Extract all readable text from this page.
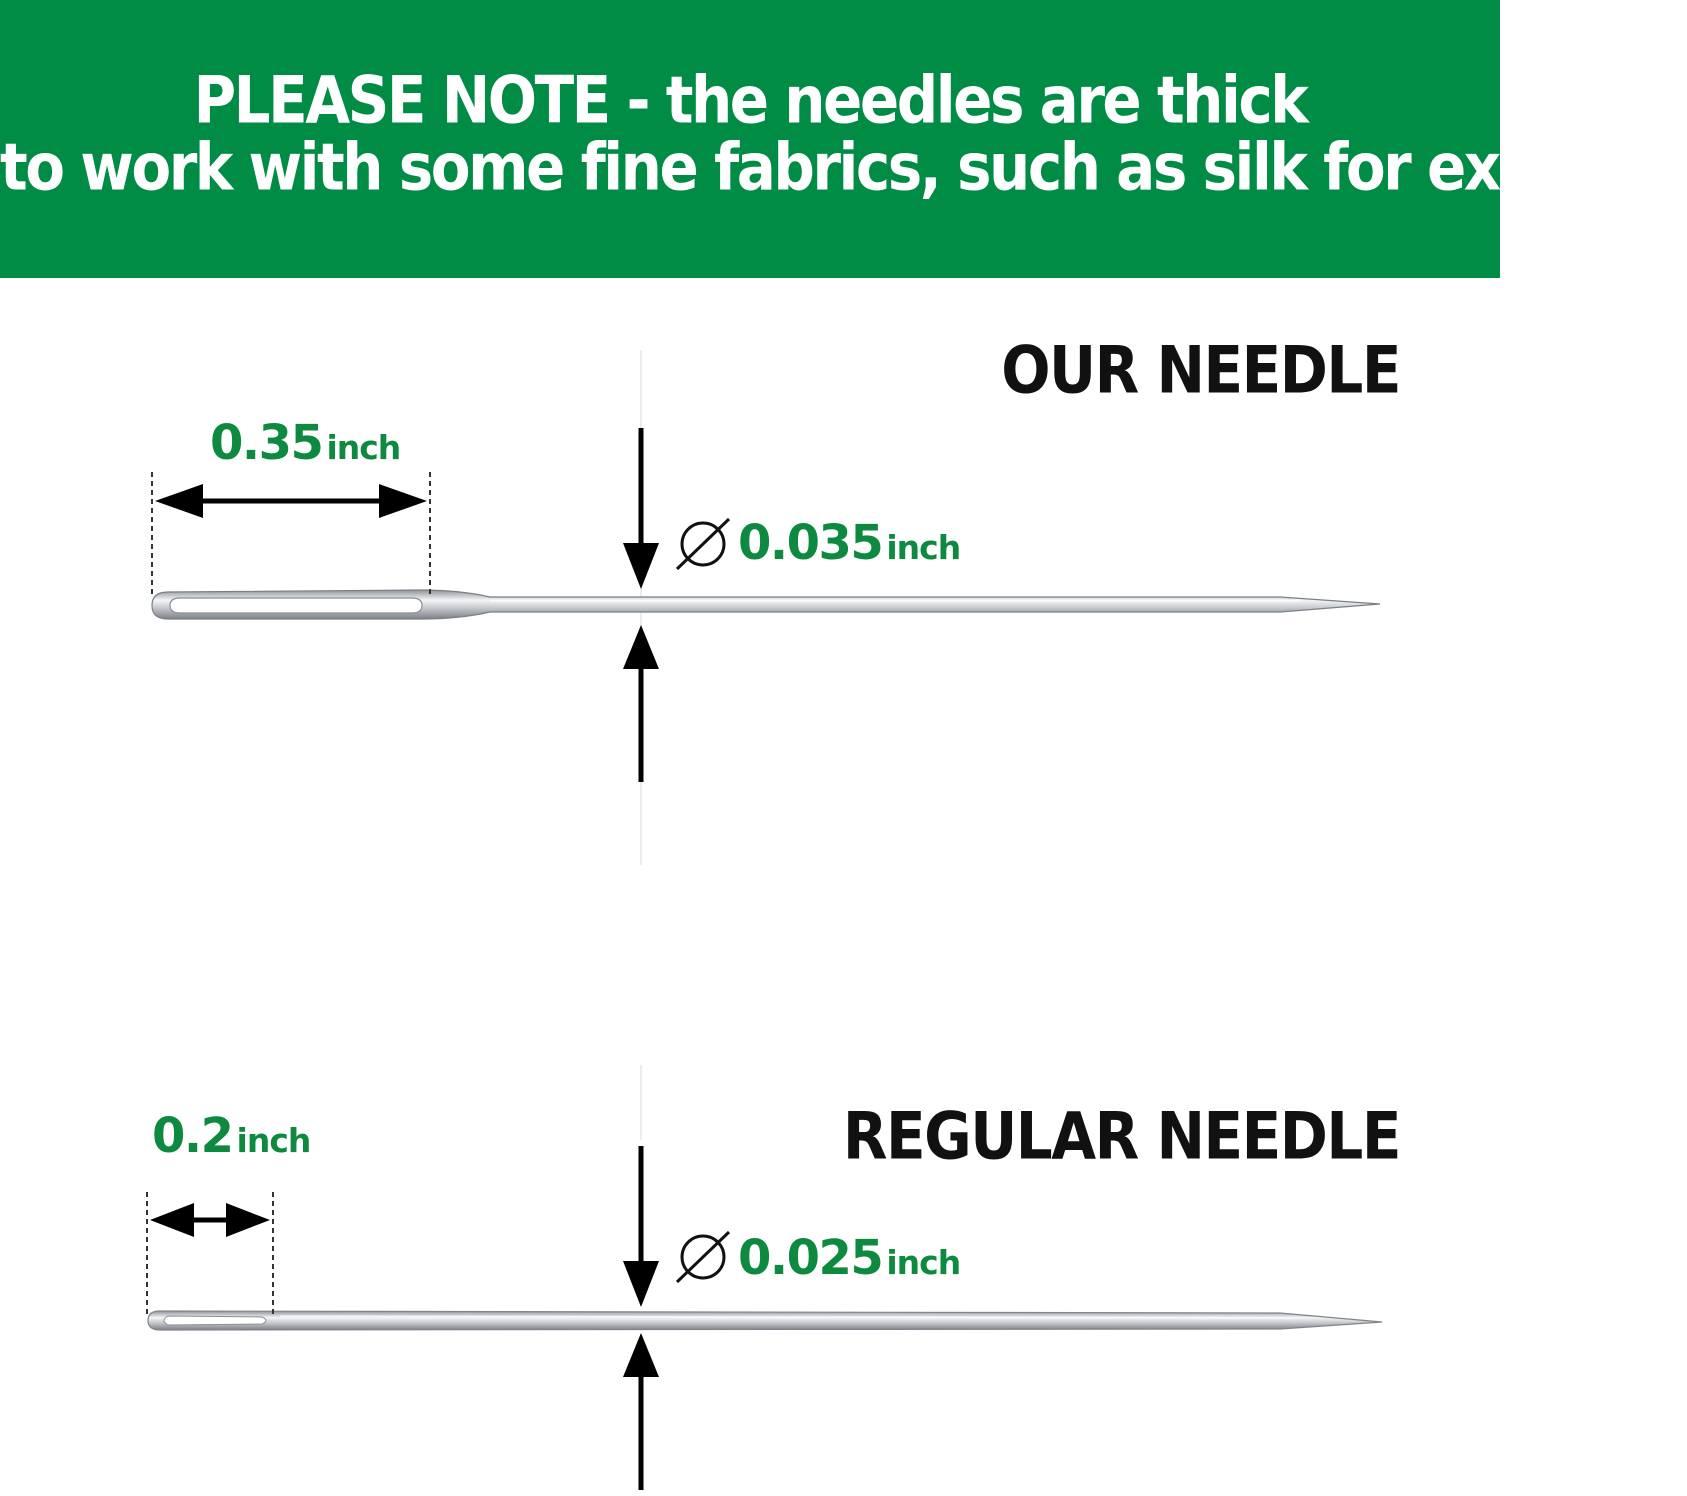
PLEASE NOTE - the needles are thick
to work with some fine fabrics, such as silk for example
OUR NEEDLE
REGULAR NEEDLE
0.35 inch
0.035 inch
0.2 inch
0.025 inch
